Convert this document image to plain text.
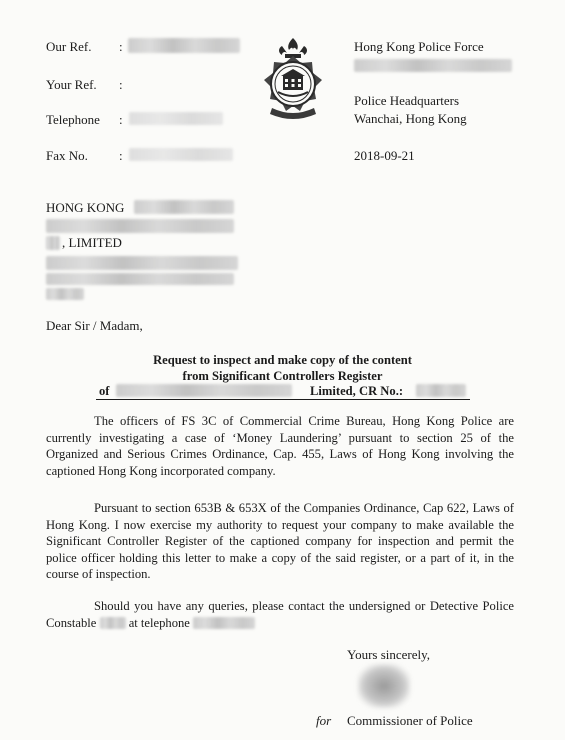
Our Ref. :
Your Ref. :
Telephone :
Fax No. :
Hong Kong Police Force
Police Headquarters
Wanchai, Hong Kong
2018-09-21
HONG KONG
, LIMITED
Dear Sir / Madam,
Request to inspect and make copy of the content
from Significant Controllers Register
of	Limited, CR No.:
The officers of FS 3C of Commercial Crime Bureau, Hong Kong Police are currently investigating a case of ‘Money Laundering’ pursuant to section 25 of the Organized and Serious Crimes Ordinance, Cap. 455, Laws of Hong Kong involving the captioned Hong Kong incorporated company.
Pursuant to section 653B & 653X of the Companies Ordinance, Cap 622, Laws of Hong Kong. I now exercise my authority to request your company to make available the Significant Controller Register of the captioned company for inspection and permit the police officer holding this letter to make a copy of the said register, or a part of it, in the course of inspection.
Should you have any queries, please contact the undersigned or Detective Police Constable	at telephone
Yours sincerely,
for Commissioner of Police
